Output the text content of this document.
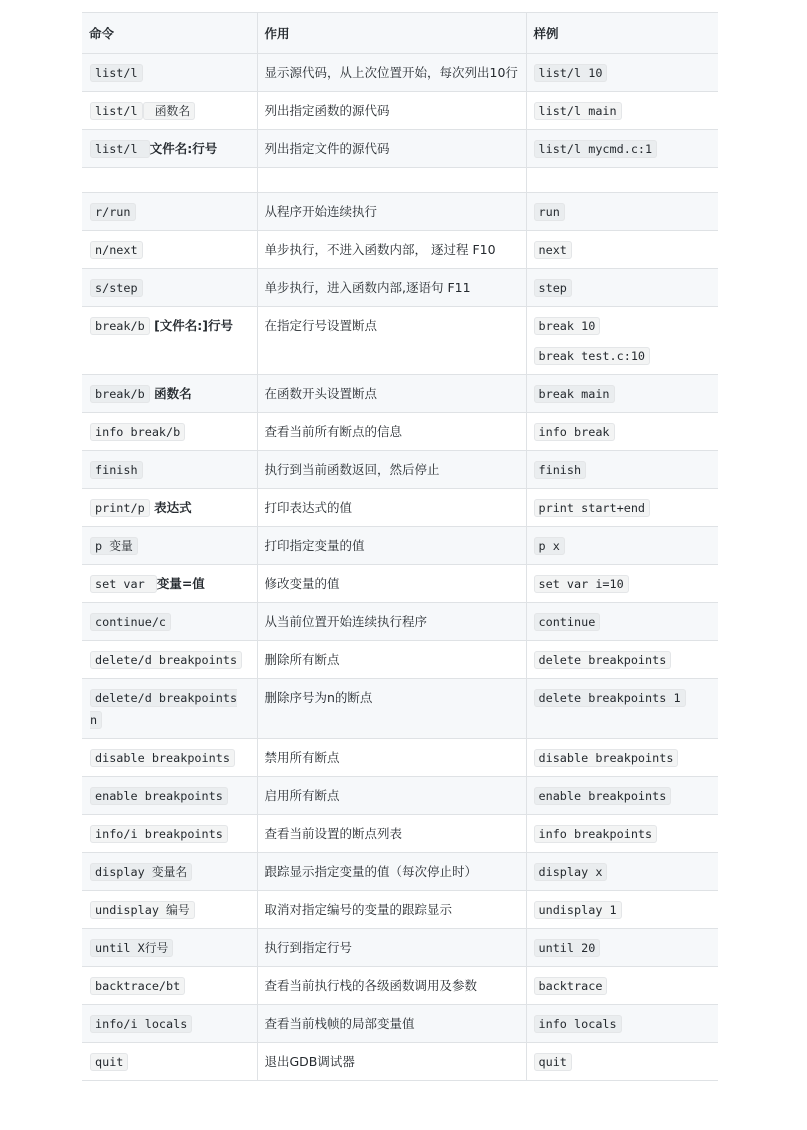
命令	作用	样例
list/l	显示源代码，从上次位置开始，每次列出10行	list/l 10

list/l 函数名	列出指定函数的源代码	list/l main

list/l 文件名:行号	列出指定文件的源代码	list/l mycmd.c:1

r/run	从程序开始连续执行	run

n/next	单步执行，不进入函数内部， 逐过程 F10	next

s/step	单步执行，进入函数内部,逐语句 F11	step

break/b [文件名:]行号	在指定行号设置断点	break 10
break test.c:10

break/b 函数名	在函数开头设置断点	break main

info break/b	查看当前所有断点的信息	info break

finish	执行到当前函数返回，然后停止	finish

print/p 表达式	打印表达式的值	print start+end

p 变量	打印指定变量的值	p x

set var 变量=值	修改变量的值	set var i=10

continue/c	从当前位置开始连续执行程序	continue

delete/d breakpoints	删除所有断点	delete breakpoints

delete/d breakpoints n	删除序号为n的断点	delete breakpoints 1

disable breakpoints	禁用所有断点	disable breakpoints

enable breakpoints	启用所有断点	enable breakpoints

info/i breakpoints	查看当前设置的断点列表	info breakpoints

display 变量名	跟踪显示指定变量的值（每次停止时）	display x

undisplay 编号	取消对指定编号的变量的跟踪显示	undisplay 1

until X行号	执行到指定行号	until 20

backtrace/bt	查看当前执行栈的各级函数调用及参数	backtrace

info/i locals	查看当前栈帧的局部变量值	info locals

quit	退出GDB调试器	quit
